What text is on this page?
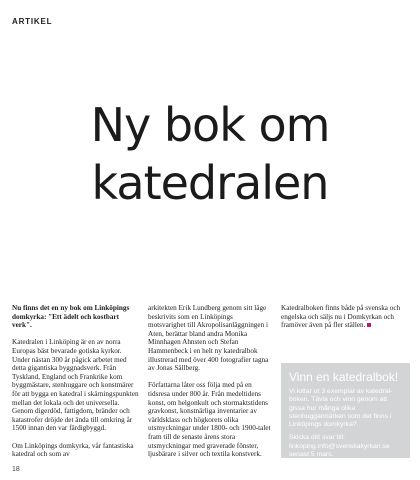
ARTIKEL
Ny bok om
katedralen

Nu finns det en ny bok om Linköpings domkyrka: "Ett ädelt och kostbart verk".

Katedralen i Linköping är en av norra Europas bäst bevarade gotiska kyrkor. Under nästan 300 år pågick arbetet med detta gigantiska byggnadsverk. Från Tyskland, England och Frankrike kom byggmästare, stenhuggare och konstmärer för att bygga en katedral i skärningspunkten mellan det lokala och det universella. Genom digerdöd, fattigdom, bränder och katastrofer dröjde det ända till omkring år 1500 innan den var färdigbyggd.

Om Linköpings domkyrka, vår fantastiska katedral och som av

arkitekten Erik Lundberg genom sitt läge beskrivits som en Linköpings motsvarighet till Akropolisanläggningen i Aten, berättar bland andra Monika Minnhagen Ahnsten och Stefan Hammenbeck i en helt ny katedralbok illustrerad med över 400 fotografier tagna av Jonas Sällberg.

Författarna låter oss följa med på en tidsresa under 800 år. Från medeltidens konst, om helgonkult och stormaktstidens gravkonst, konstnärliga inventarier av världsklass och högkorets olika utsmyckningar under 1800- och 1900-talet fram till de senaste årens stora utsmyckningar med graverade fönster, ljusbärare i silver och textila konstverk.

Katedralboken finns både på svenska och engelska och säljs nu i Domkyrkan och framöver även på fler ställen.

Vinn en katedralbok!

Vi lottar ut 3 exemplar av katedral-boken. Tävla och vinn genom att gissa hur många olika stenhuggarmärken som det finns i Linköpings domkyrka?

Skicka ditt svar till: linkoping.info@svenskakyrkan.se senast 5 mars.

18
